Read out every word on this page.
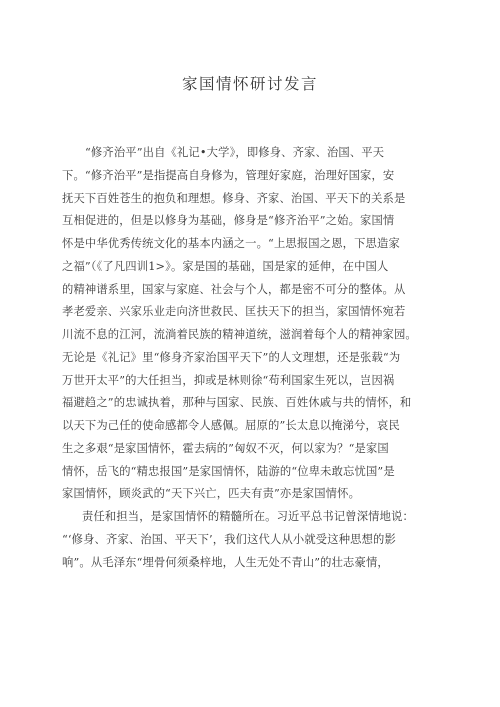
家国情怀研讨发言
“修齐治平”出自《礼记•大学》，即修身、齐家、治国、平天
下。“修齐治平”是指提高自身修为，管理好家庭，治理好国家，安
抚天下百姓苍生的抱负和理想。修身、齐家、治国、平天下的关系是
互相促进的，但是以修身为基础，修身是“修齐治平”之始。家国情
怀是中华优秀传统文化的基本内涵之一。“上思报国之恩，下思造家
之福”（《了凡四训1>》。家是国的基础，国是家的延伸，在中国人
的精神谱系里，国家与家庭、社会与个人，都是密不可分的整体。从
孝老爱亲、兴家乐业走向济世救民、匡扶天下的担当，家国情怀宛若
川流不息的江河，流淌着民族的精神道统，滋润着每个人的精神家园。
无论是《礼记》里“修身齐家治国平天下”的人文理想，还是张载“为
万世开太平”的大任担当，抑或是林则徐“苟利国家生死以，岂因祸
福避趋之”的忠诚执着，那种与国家、民族、百姓休戚与共的情怀，和
以天下为己任的使命感都令人感佩。屈原的”长太息以掩涕兮，哀民
生之多艰“是家国情怀，霍去病的”匈奴不灭，何以家为？“是家国
情怀，岳飞的“精忠报国”是家国情怀，陆游的“位卑未敢忘忧国”是
家国情怀，顾炎武的“天下兴亡，匹夫有责”亦是家国情怀。
责任和担当，是家国情怀的精髓所在。习近平总书记曾深情地说：
“‘修身、齐家、治国、平天下’，我们这代人从小就受这种思想的影
响”。从毛泽东“埋骨何须桑梓地，人生无处不青山”的壮志豪情，
